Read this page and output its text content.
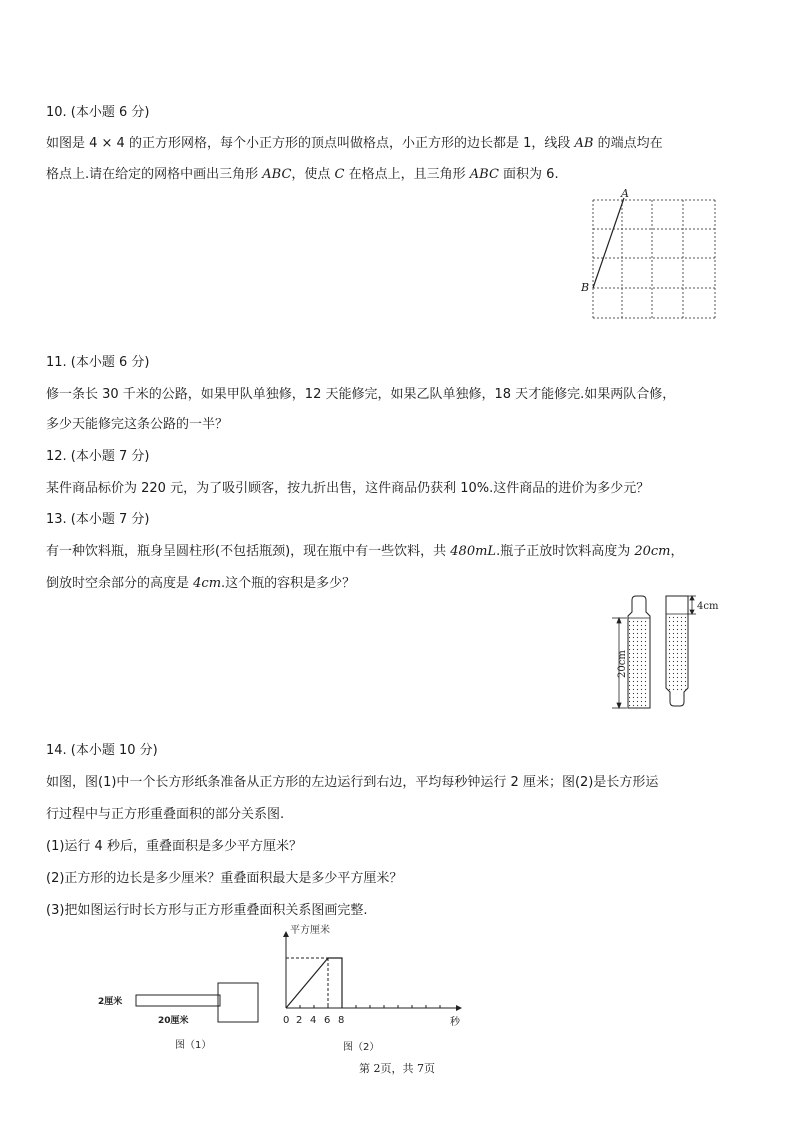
10. (本小题 6 分)
如图是 4 × 4 的正方形网格，每个小正方形的顶点叫做格点，小正方形的边长都是 1，线段 AB 的端点均在
格点上.请在给定的网格中画出三角形 ABC，使点 C 在格点上，且三角形 ABC 面积为 6.
A
B
11. (本小题 6 分)
修一条长 30 千米的公路，如果甲队单独修，12 天能修完，如果乙队单独修，18 天才能修完.如果两队合修，
多少天能修完这条公路的一半？
12. (本小题 7 分)
某件商品标价为 220 元，为了吸引顾客，按九折出售，这件商品仍获利 10%.这件商品的进价为多少元？
13. (本小题 7 分)
有一种饮料瓶，瓶身呈圆柱形(不包括瓶颈)，现在瓶中有一些饮料，共 480mL.瓶子正放时饮料高度为 20cm，
倒放时空余部分的高度是 4cm.这个瓶的容积是多少？
20cm
4cm
14. (本小题 10 分)
如图，图(1)中一个长方形纸条准备从正方形的左边运行到右边，平均每秒钟运行 2 厘米；图(2)是长方形运
行过程中与正方形重叠面积的部分关系图.
(1)运行 4 秒后，重叠面积是多少平方厘米？
(2)正方形的边长是多少厘米？重叠面积最大是多少平方厘米？
(3)把如图运行时长方形与正方形重叠面积关系图画完整.
2厘米
20厘米
图（1）
平方厘米
秒
0 2 4 6 8
图（2）
第 2页，共 7页
